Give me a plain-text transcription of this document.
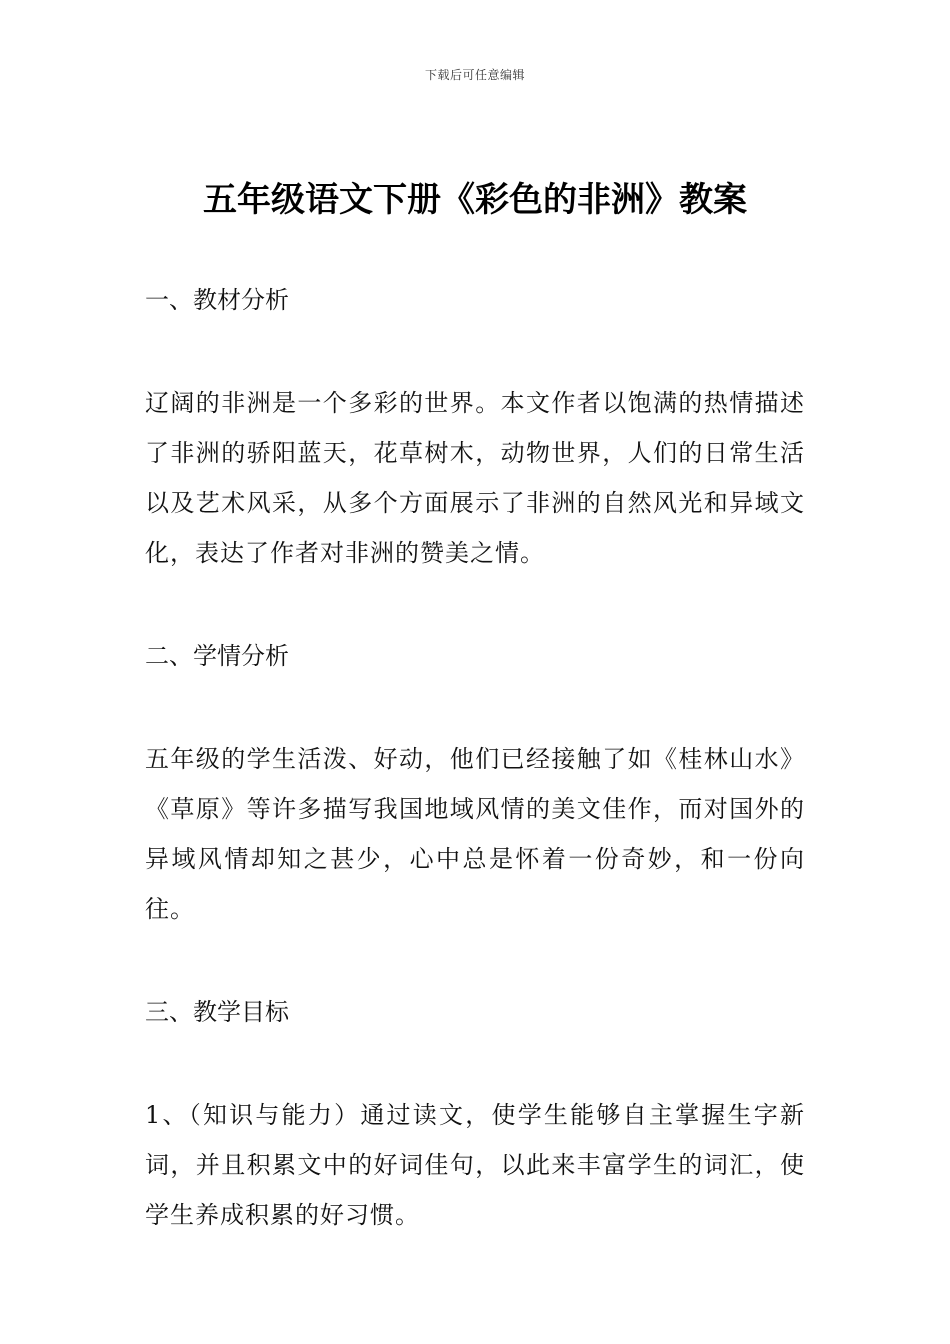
下载后可任意编辑
五年级语文下册《彩色的非洲》教案
一、教材分析

辽阔的非洲是一个多彩的世界。本文作者以饱满的热情描述了非洲的骄阳蓝天，花草树木，动物世界，人们的日常生活以及艺术风采，从多个方面展示了非洲的自然风光和异域文化，表达了作者对非洲的赞美之情。

二、学情分析

五年级的学生活泼、好动，他们已经接触了如《桂林山水》《草原》等许多描写我国地域风情的美文佳作，而对国外的异域风情却知之甚少，心中总是怀着一份奇妙，和一份向往。

三、教学目标

1、（知识与能力）通过读文，使学生能够自主掌握生字新词，并且积累文中的好词佳句，以此来丰富学生的词汇，使学生养成积累的好习惯。
